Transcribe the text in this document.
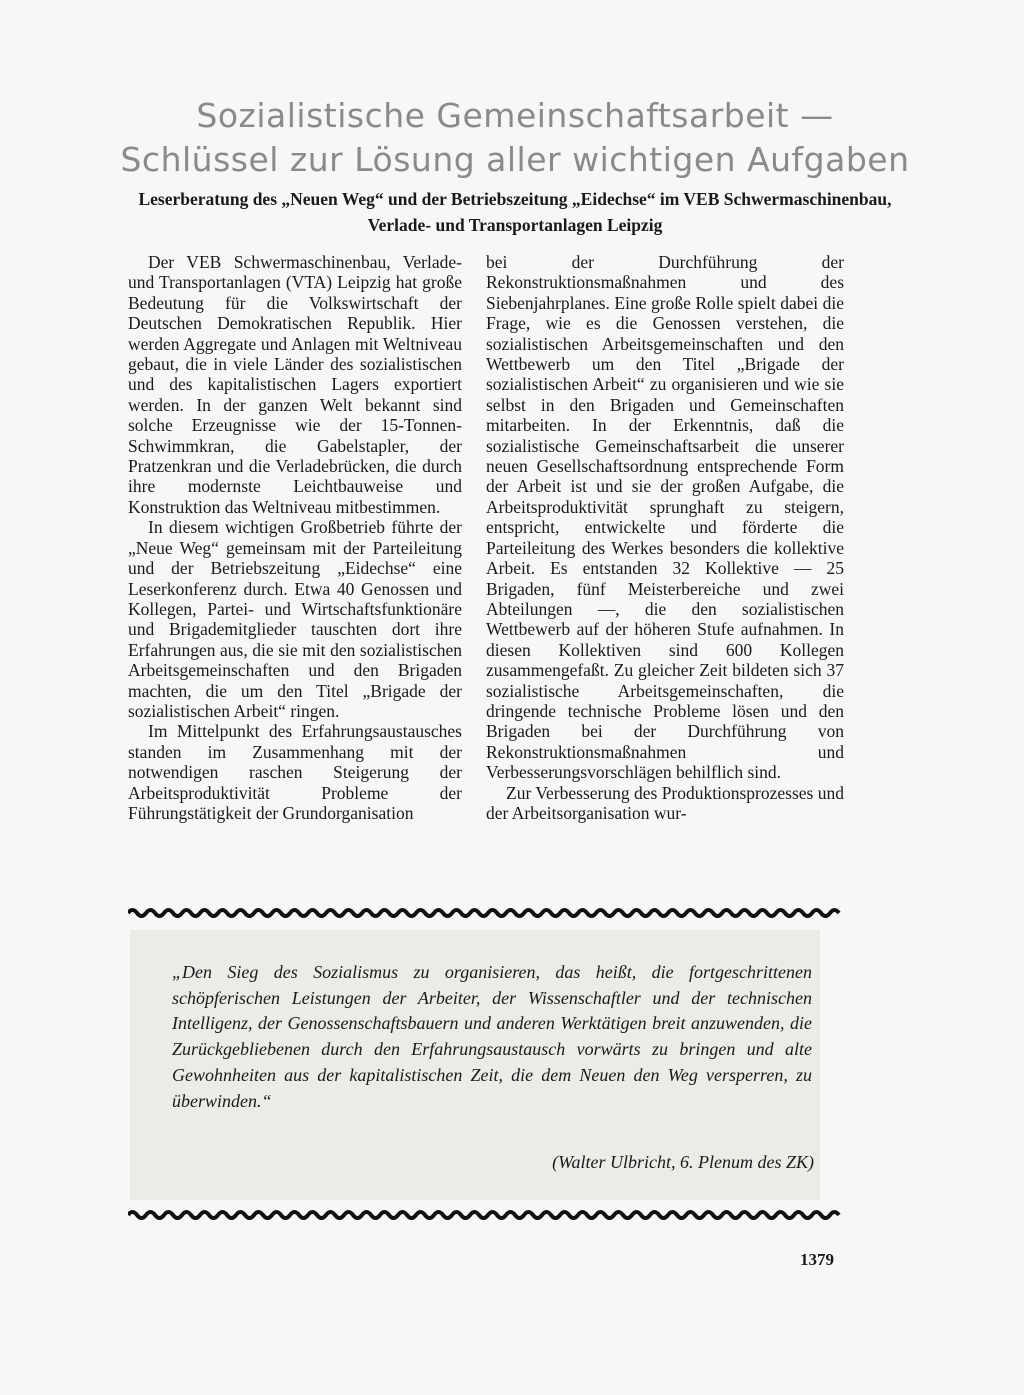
Sozialistische Gemeinschaftsarbeit —
Schlüssel zur Lösung aller wichtigen Aufgaben
Leserberatung des „Neuen Weg“ und der Betriebszeitung „Eidechse“ im VEB Schwermaschinenbau, Verlade- und Transportanlagen Leipzig

Der VEB Schwermaschinenbau, Verlade- und Transportanlagen (VTA) Leipzig hat große Bedeutung für die Volkswirtschaft der Deutschen Demokratischen Republik. Hier werden Aggregate und Anlagen mit Weltniveau gebaut, die in viele Länder des sozialistischen und des kapitalistischen Lagers exportiert werden. In der ganzen Welt bekannt sind solche Erzeugnisse wie der 15-Tonnen-Schwimmkran, die Gabelstapler, der Pratzenkran und die Verladebrücken, die durch ihre modernste Leichtbauweise und Konstruktion das Weltniveau mitbestimmen.

In diesem wichtigen Großbetrieb führte der „Neue Weg“ gemeinsam mit der Parteileitung und der Betriebszeitung „Eidechse“ eine Leserkonferenz durch. Etwa 40 Genossen und Kollegen, Partei- und Wirtschaftsfunktionäre und Brigademitglieder tauschten dort ihre Erfahrungen aus, die sie mit den sozialistischen Arbeitsgemeinschaften und den Brigaden machten, die um den Titel „Brigade der sozialistischen Arbeit“ ringen.

Im Mittelpunkt des Erfahrungsaustausches standen im Zusammenhang mit der notwendigen raschen Steigerung der Arbeitsproduktivität Probleme der Führungstätigkeit der Grundorganisation

bei der Durchführung der Rekonstruktionsmaßnahmen und des Siebenjahrplanes. Eine große Rolle spielt dabei die Frage, wie es die Genossen verstehen, die sozialistischen Arbeitsgemeinschaften und den Wettbewerb um den Titel „Brigade der sozialistischen Arbeit“ zu organisieren und wie sie selbst in den Brigaden und Gemeinschaften mitarbeiten. In der Erkenntnis, daß die sozialistische Gemeinschaftsarbeit die unserer neuen Gesellschaftsordnung entsprechende Form der Arbeit ist und sie der großen Aufgabe, die Arbeitsproduktivität sprunghaft zu steigern, entspricht, entwickelte und förderte die Parteileitung des Werkes besonders die kollektive Arbeit. Es entstanden 32 Kollektive — 25 Brigaden, fünf Meisterbereiche und zwei Abteilungen —, die den sozialistischen Wettbewerb auf der höheren Stufe aufnahmen. In diesen Kollektiven sind 600 Kollegen zusammengefaßt. Zu gleicher Zeit bildeten sich 37 sozialistische Arbeitsgemeinschaften, die dringende technische Probleme lösen und den Brigaden bei der Durchführung von Rekonstruktionsmaßnahmen und Verbesserungsvorschlägen behilflich sind.

Zur Verbesserung des Produktionsprozesses und der Arbeitsorganisation wur-

„Den Sieg des Sozialismus zu organisieren, das heißt, die fortgeschrittenen schöpferischen Leistungen der Arbeiter, der Wissenschaftler und der technischen Intelligenz, der Genossenschaftsbauern und anderen Werktätigen breit anzuwenden, die Zurückgebliebenen durch den Erfahrungsaustausch vorwärts zu bringen und alte Gewohnheiten aus der kapitalistischen Zeit, die dem Neuen den Weg versperren, zu überwinden.“
(Walter Ulbricht, 6. Plenum des ZK)
1379
